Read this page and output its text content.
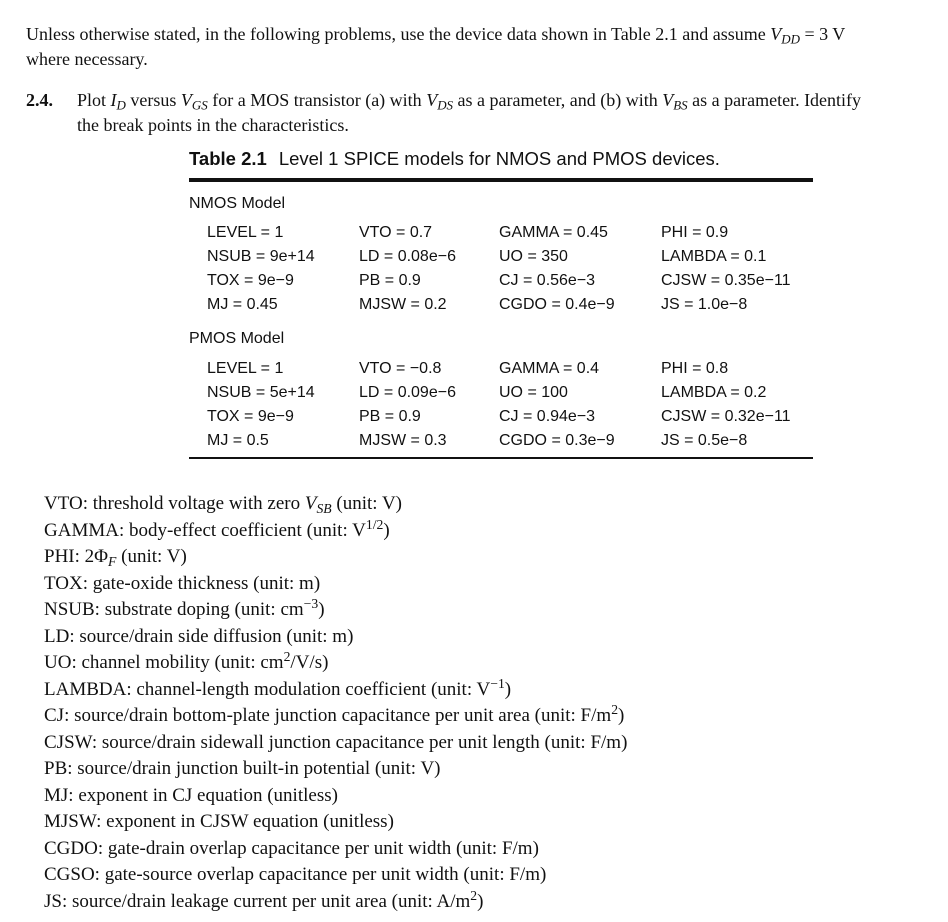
Unless otherwise stated, in the following problems, use the device data shown in Table 2.1 and assume $V_{DD} = 3$ V
where necessary.
2.4. Plot $I_D$ versus $V_{GS}$ for a MOS transistor (a) with $V_{DS}$ as a parameter, and (b) with $V_{BS}$ as a parameter. Identify
the break points in the characteristics.
Table 2.1 Level 1 SPICE models for NMOS and PMOS devices.
NMOS Model
LEVEL = 1	VTO = 0.7	GAMMA = 0.45	PHI = 0.9
NSUB = 9e+14	LD = 0.08e−6	UO = 350	LAMBDA = 0.1
TOX = 9e−9	PB = 0.9	CJ = 0.56e−3	CJSW = 0.35e−11
MJ = 0.45	MJSW = 0.2	CGDO = 0.4e−9	JS = 1.0e−8
PMOS Model
LEVEL = 1	VTO = −0.8	GAMMA = 0.4	PHI = 0.8
NSUB = 5e+14	LD = 0.09e−6	UO = 100	LAMBDA = 0.2
TOX = 9e−9	PB = 0.9	CJ = 0.94e−3	CJSW = 0.32e−11
MJ = 0.5	MJSW = 0.3	CGDO = 0.3e−9	JS = 0.5e−8
VTO: threshold voltage with zero $V_{SB}$ (unit: V)
GAMMA: body-effect coefficient (unit: $V^{1/2}$)
PHI: $2\Phi_F$ (unit: V)
TOX: gate-oxide thickness (unit: m)
NSUB: substrate doping (unit: $cm^{-3}$)
LD: source/drain side diffusion (unit: m)
UO: channel mobility (unit: $cm^2/V/s$)
LAMBDA: channel-length modulation coefficient (unit: $V^{-1}$)
CJ: source/drain bottom-plate junction capacitance per unit area (unit: $F/m^2$)
CJSW: source/drain sidewall junction capacitance per unit length (unit: F/m)
PB: source/drain junction built-in potential (unit: V)
MJ: exponent in CJ equation (unitless)
MJSW: exponent in CJSW equation (unitless)
CGDO: gate-drain overlap capacitance per unit width (unit: F/m)
CGSO: gate-source overlap capacitance per unit width (unit: F/m)
JS: source/drain leakage current per unit area (unit: $A/m^2$)
